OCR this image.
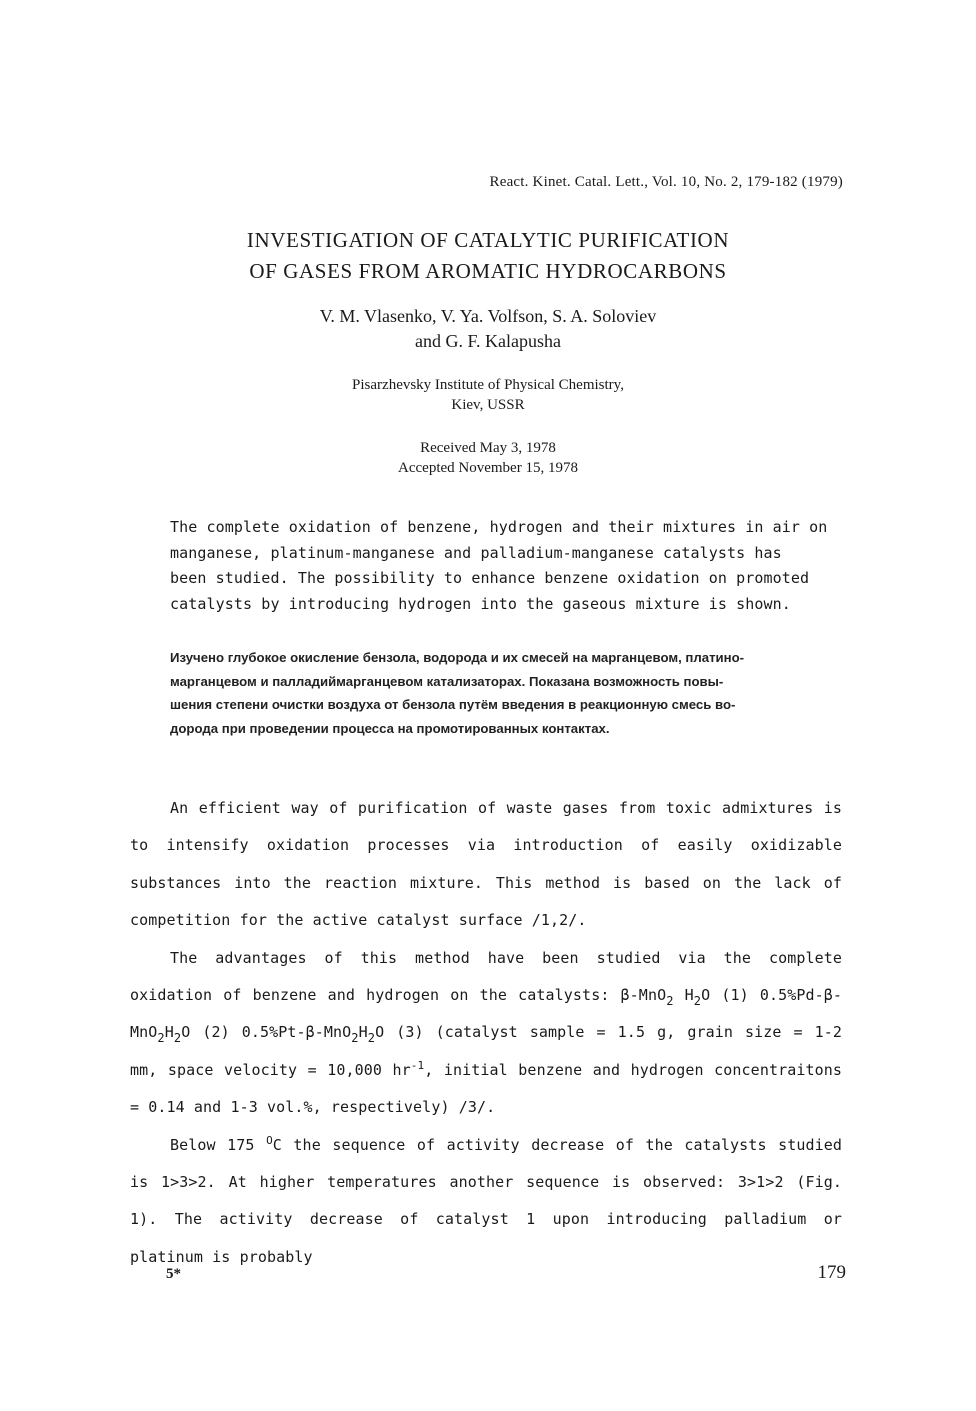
React. Kinet. Catal. Lett., Vol. 10, No. 2, 179-182 (1979)
INVESTIGATION OF CATALYTIC PURIFICATION
OF GASES FROM AROMATIC HYDROCARBONS
V. M. Vlasenko, V. Ya. Volfson, S. A. Soloviev
and G. F. Kalapusha
Pisarzhevsky Institute of Physical Chemistry,
Kiev, USSR
Received May 3, 1978
Accepted November 15, 1978
The complete oxidation of benzene, hydrogen and their mixtures in air on
manganese, platinum-manganese and palladium-manganese catalysts has
been studied. The possibility to enhance benzene oxidation on promoted
catalysts by introducing hydrogen into the gaseous mixture is shown.
Изучено глубокое окисление бензола, водорода и их смесей на марганцевом, платино-
марганцевом и палладиймарганцевом катализаторах. Показана возможность повы-
шения степени очистки воздуха от бензола путём введения в реакционную смесь во-
дорода при проведении процесса на промотированных контактах.

An efficient way of purification of waste gases from toxic admixtures is to intensify oxidation processes via introduction of easily oxidizable substances into the reaction mixture. This method is based on the lack of competition for the active catalyst surface /1,2/.

The advantages of this method have been studied via the complete oxidation of benzene and hydrogen on the catalysts: β-MnO$_2$ $H_2O$ (1) $0.5\%Pd-\beta-MnO_2H_2O$ (2) $0.5\%Pt-\beta-MnO_2H_2O$ (3) (catalyst sample = 1.5 g, grain size = 1-2 mm, space velocity = 10,000 $hr^{-1}$, initial benzene and hydrogen concentraitons = 0.14 and 1-3 vol.%, respectively) /3/.

Below 175 $^O$C the sequence of activity decrease of the catalysts studied is 1>3>2. At higher temperatures another sequence is observed: 3>1>2 (Fig. 1). The activity decrease of catalyst 1 upon introducing palladium or platinum is probably

5*	179
